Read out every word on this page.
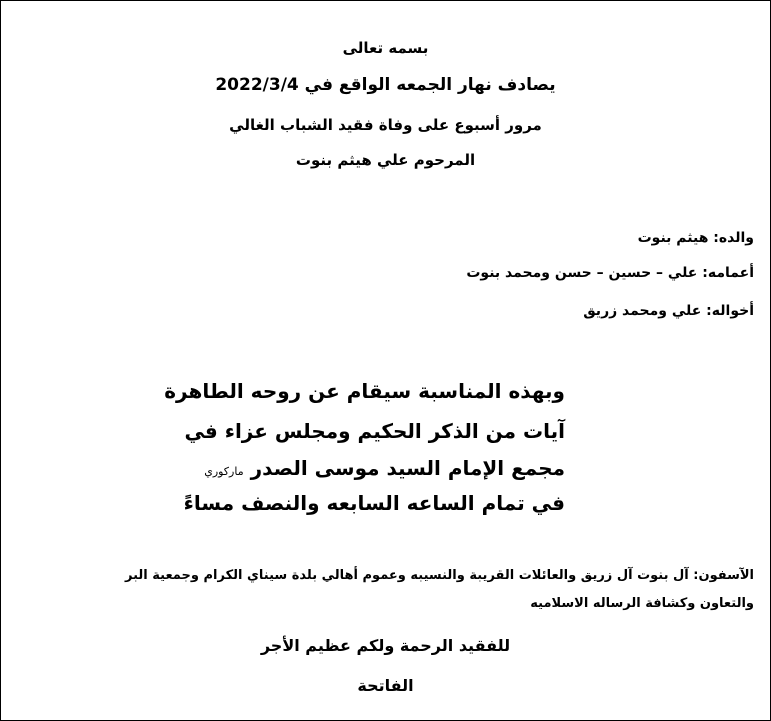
بسمه تعالى
يصادف نهار الجمعه الواقع في 2022/3/4
مرور أسبوع على وفاة فقيد الشباب الغالي
المرحوم علي هيثم بنوت
والده: هيثم بنوت
أعمامه: علي – حسين – حسن ومحمد بنوت
أخواله: علي ومحمد زريق
وبهذه المناسبة سيقام عن روحه الطاهرة
آيات من الذكر الحكيم ومجلس عزاء في
مجمع الإمام السيد موسى الصدر ماركوري
في تمام الساعه السابعه والنصف مساءً
الآسفون: آل بنوت آل زريق والعائلات القريبة والنسيبه وعموم أهالي بلدة سيناي الكرام وجمعية البر
والتعاون وكشافة الرساله الاسلاميه
للفقيد الرحمة ولكم عظيم الأجر
الفاتحة
